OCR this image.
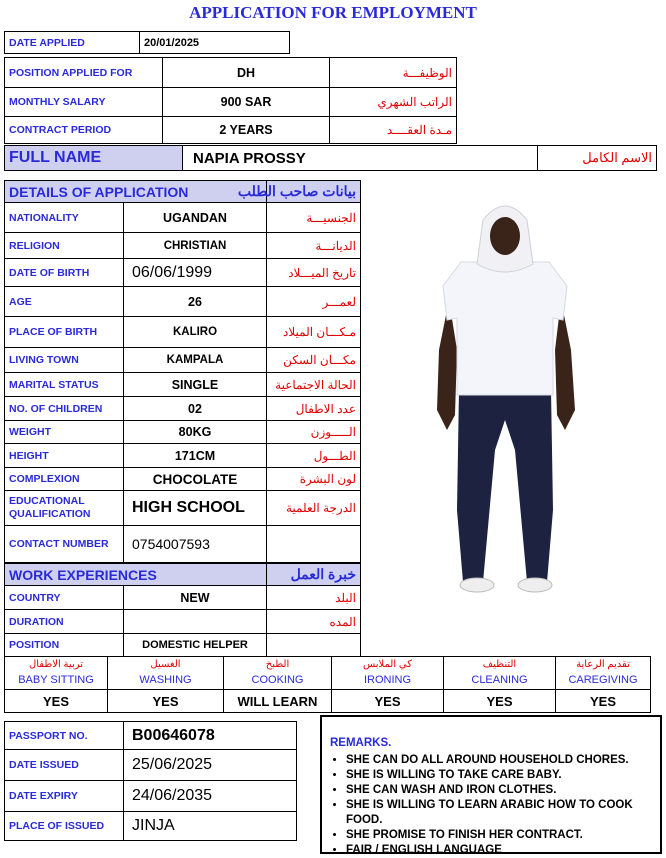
APPLICATION FOR EMPLOYMENT
DATE APPLIED	20/01/2025
POSITION APPLIED FOR	DH	الوظيفـــة
MONTHLY SALARY	900 SAR	الراتب الشهري
CONTRACT PERIOD	2 YEARS	مـدة العقــــد
FULL NAME	NAPIA PROSSY	الاسم الكامل
DETAILS OF APPLICATION		بيانات صاحب الطلب
NATIONALITY	UGANDAN	الجنسيـــة
RELIGION	CHRISTIAN	الديانـــة
DATE OF BIRTH	06/06/1999	تاريخ الميـــلاد
AGE	26	لعمـــر
PLACE OF BIRTH	KALIRO	مـكـــان الميلاد
LIVING TOWN	KAMPALA	مكـــان السكن
MARITAL STATUS	SINGLE	الحالة الاجتماعية
NO. OF CHILDREN	02	عدد الاطفال
WEIGHT	80KG	الـــــوزن
HEIGHT	171CM	الطـــول
COMPLEXION	CHOCOLATE	لون البشرة
EDUCATIONAL QUALIFICATION	HIGH SCHOOL	الدرجة العلمية
CONTACT NUMBER	0754007593	
WORK EXPERIENCES		خبرة العمل
COUNTRY	NEW	البلد
DURATION		المده
POSITION	DOMESTIC HELPER	
تربية الاطفال	الغسيل	الطبخ	كي الملابس	التنظيف	تقديم الرعاية
BABY SITTING	WASHING	COOKING	IRONING	CLEANING	CAREGIVING
YES	YES	WILL LEARN	YES	YES	YES
PASSPORT NO.	B00646078
DATE ISSUED	25/06/2025
DATE EXPIRY	24/06/2035
PLACE OF ISSUED	JINJA
REMARKS.
• SHE CAN DO ALL AROUND HOUSEHOLD CHORES.
• SHE IS WILLING TO TAKE CARE BABY.
• SHE CAN WASH AND IRON CLOTHES.
• SHE IS WILLING TO LEARN ARABIC HOW TO COOK FOOD.
• SHE PROMISE TO FINISH HER CONTRACT.
• FAIR / ENGLISH LANGUAGE
